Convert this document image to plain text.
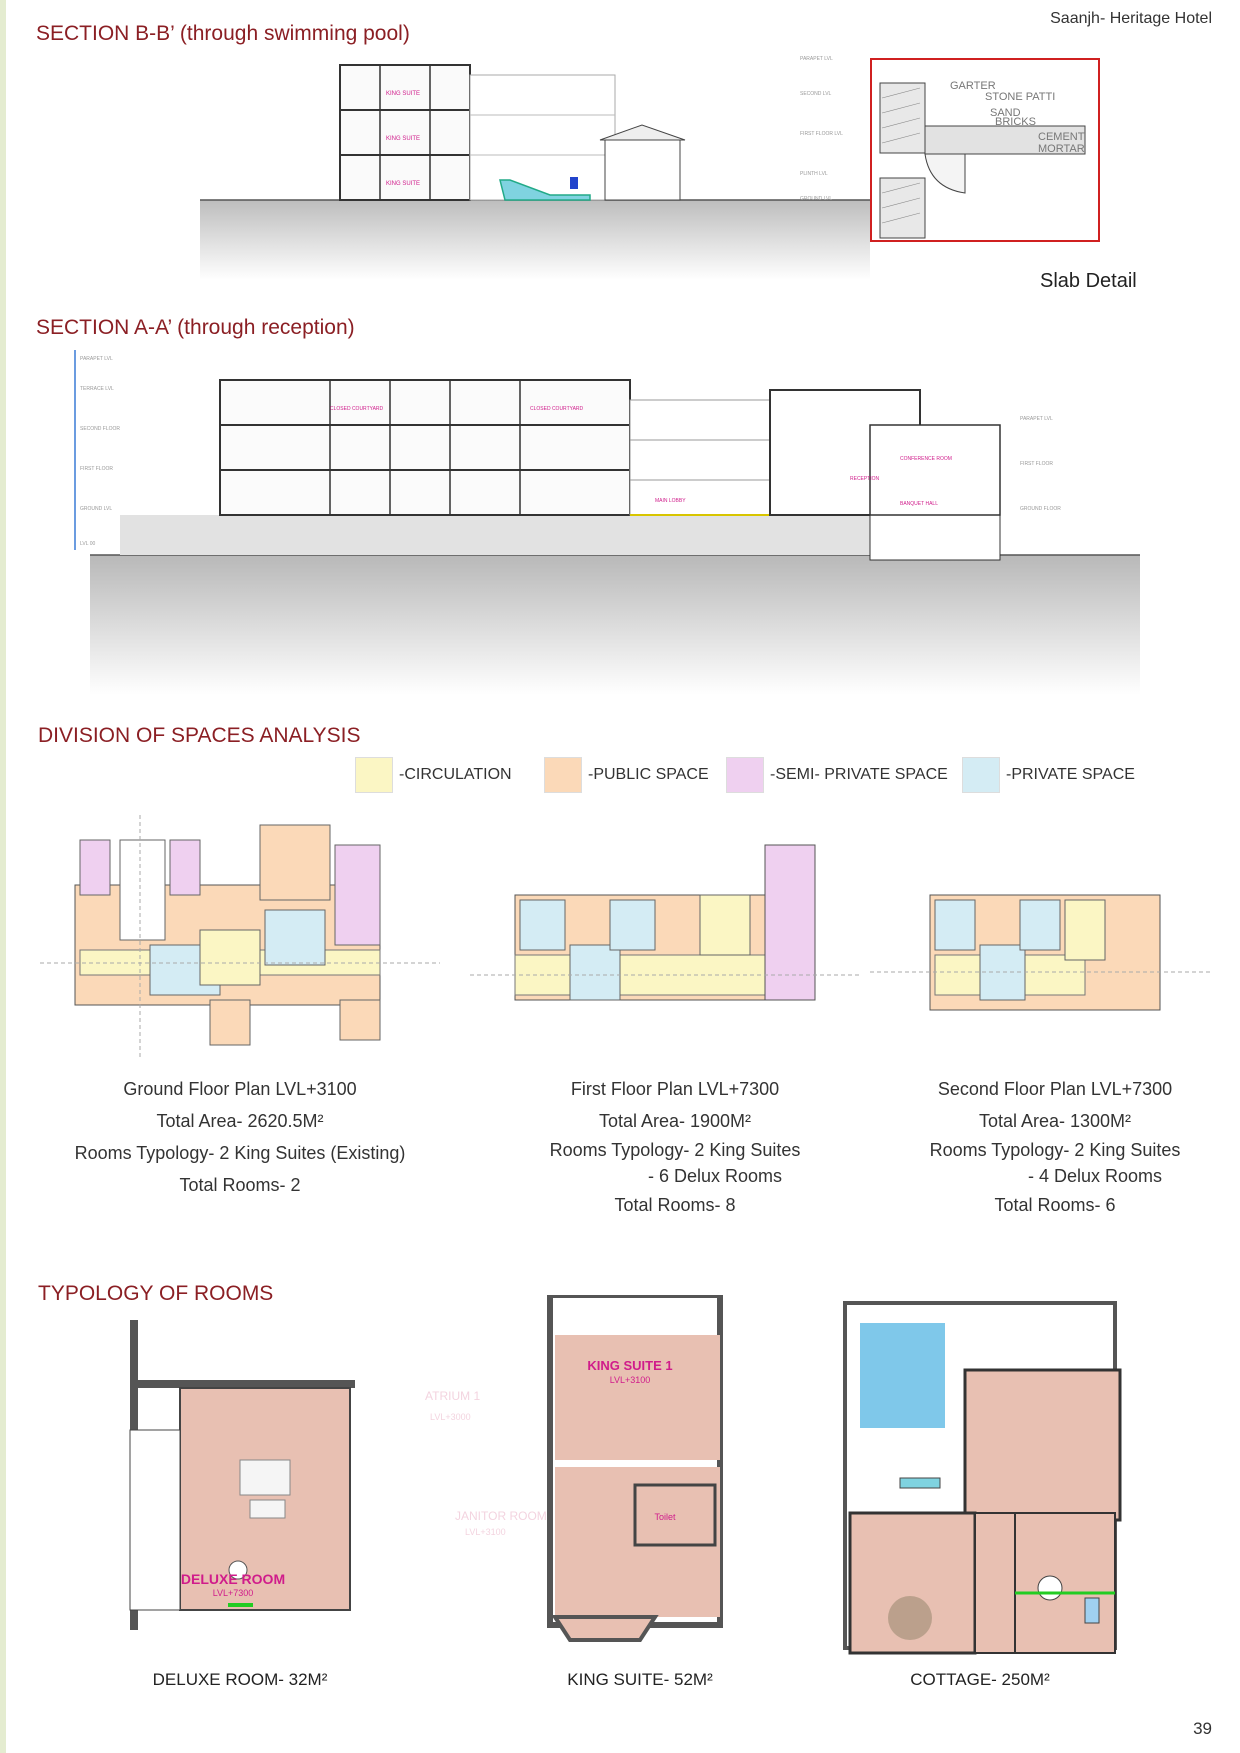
Saanjh- Heritage Hotel
SECTION B-B’ (through swimming pool)
KING SUITE
KING SUITE
KING SUITE
PARAPET LVL
SECOND LVL
FIRST FLOOR LVL
PLINTH LVL
GROUND LVL
GARTER
STONE PATTI
SAND
BRICKS
CEMENT
MORTAR
Slab Detail
SECTION A-A’ (through reception)
CLOSED COURTYARD	CLOSED COURTYARD
MAIN LOBBY
RECEPTION
CONFERENCE ROOM
BANQUET HALL
PARAPET LVL
TERRACE LVL
SECOND FLOOR
FIRST FLOOR
GROUND LVL
LVL 00
PARAPET LVL
FIRST FLOOR
GROUND FLOOR
DIVISION OF SPACES ANALYSIS
-CIRCULATION	-PUBLIC SPACE	-SEMI- PRIVATE SPACE	-PRIVATE SPACE
Ground Floor Plan LVL+3100
Total Area- 2620.5M²
Rooms Typology- 2 King Suites (Existing)
Total Rooms- 2
First Floor Plan LVL+7300
Total Area- 1900M²
Rooms Typology- 2 King Suites
- 6 Delux Rooms
Total Rooms- 8
Second Floor Plan LVL+7300
Total Area- 1300M²
Rooms Typology- 2 King Suites
- 4 Delux Rooms
Total Rooms- 6
TYPOLOGY OF ROOMS
DELUXE ROOM
LVL+7300
ATRIUM 1
LVL+3000
JANITOR ROOM
LVL+3100
KING SUITE 1
LVL+3100
Toilet
DELUXE ROOM- 32M²	KING SUITE- 52M²	COTTAGE- 250M²
39
